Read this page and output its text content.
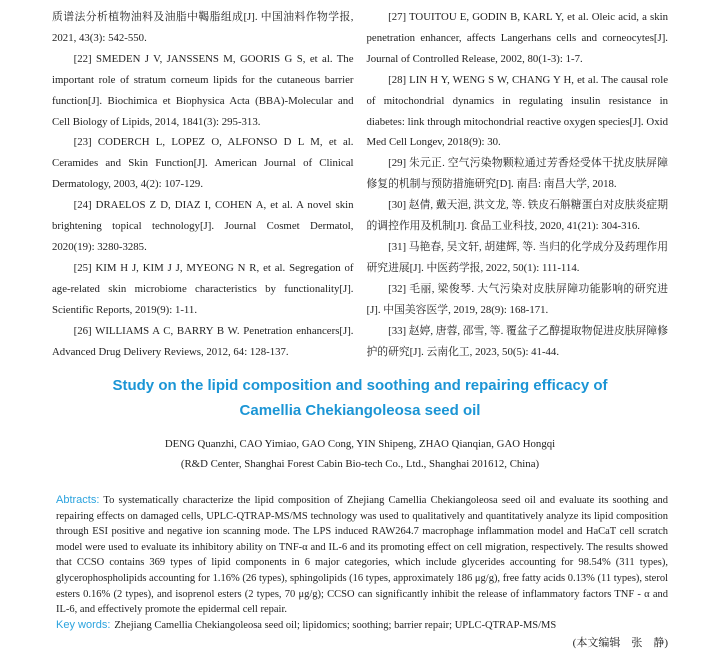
质谱法分析植物油料及油脂中鞨脂组成[J]. 中国油料作物学报, 2021, 43(3): 542-550.

[22] SMEDEN J V, JANSSENS M, GOORIS G S, et al. The important role of stratum corneum lipids for the cutaneous barrier function[J]. Biochimica et Biophysica Acta (BBA)-Molecular and Cell Biology of Lipids, 2014, 1841(3): 295-313.

[23] CODERCH L, LOPEZ O, ALFONSO D L M, et al. Ceramides and Skin Function[J]. American Journal of Clinical Dermatology, 2003, 4(2): 107-129.

[24] DRAELOS Z D, DIAZ I, COHEN A, et al. A novel skin brightening topical technology[J]. Journal Cosmet Dermatol, 2020(19): 3280-3285.

[25] KIM H J, KIM J J, MYEONG N R, et al. Segregation of age-related skin microbiome characteristics by functionality[J]. Scientific Reports, 2019(9): 1-11.

[26] WILLIAMS A C, BARRY B W. Penetration enhancers[J]. Advanced Drug Delivery Reviews, 2012, 64: 128-137.

[27] TOUITOU E, GODIN B, KARL Y, et al. Oleic acid, a skin penetration enhancer, affects Langerhans cells and corneocytes[J]. Journal of Controlled Release, 2002, 80(1-3): 1-7.

[28] LIN H Y, WENG S W, CHANG Y H, et al. The causal role of mitochondrial dynamics in regulating insulin resistance in diabetes: link through mitochondrial reactive oxygen species[J]. Oxid Med Cell Longev, 2018(9): 30.

[29] 朱元正. 空气污染物颗粒通过芳香烃受体干扰皮肤屏障修复的机制与预防措施研究[D]. 南昌: 南昌大学, 2018.

[30] 赵倩, 戴天浥, 洪文龙, 等. 铁皮石斛糖蛋白对皮肤炎症期的调控作用及机制[J]. 食品工业科技, 2020, 41(21): 304-316.

[31] 马艳春, 吴文轩, 胡建辉, 等. 当归的化学成分及药理作用研究进展[J]. 中医药学报, 2022, 50(1): 111-114.

[32] 毛丽, 梁俊琴. 大气污染对皮肤屏障功能影响的研究进[J]. 中国美容医学, 2019, 28(9): 168-171.

[33] 赵婷, 唐蓉, 邵雪, 等. 覆盆子乙醇提取物促进皮肤屏障修护的研究[J]. 云南化工, 2023, 50(5): 41-44.

Study on the lipid composition and soothing and repairing efficacy of
Camellia Chekiangoleosa seed oil
DENG Quanzhi, CAO Yimiao, GAO Cong, YIN Shipeng, ZHAO Qianqian, GAO Hongqi
(R&D Center, Shanghai Forest Cabin Bio-tech Co., Ltd., Shanghai 201612, China)

Abtracts: To systematically characterize the lipid composition of Zhejiang Camellia Chekiangoleosa seed oil and evaluate its soothing and repairing effects on damaged cells, UPLC-QTRAP-MS/MS technology was used to qualitatively and quantitatively analyze its lipid composition through ESI positive and negative ion scanning mode. The LPS induced RAW264.7 macrophage inflammation model and HaCaT cell scratch model were used to evaluate its inhibitory ability on TNF-α and IL-6 and its promoting effect on cell migration, respectively. The results showed that CCSO contains 369 types of lipid components in 6 major categories, which include glycerides accounting for 98.54% (311 types), glycerophospholipids accounting for 1.16% (26 types), sphingolipids (16 types, approximately 186 μg/g), free fatty acids 0.13% (11 types), sterol esters 0.16% (2 types), and isoprenol esters (2 types, 70 μg/g); CCSO can significantly inhibit the release of inflammatory factors TNF - α and IL-6, and effectively promote the epidermal cell repair.

Key words: Zhejiang Camellia Chekiangoleosa seed oil; lipidomics; soothing; barrier repair; UPLC-QTRAP-MS/MS

(本文编辑　张　静)
